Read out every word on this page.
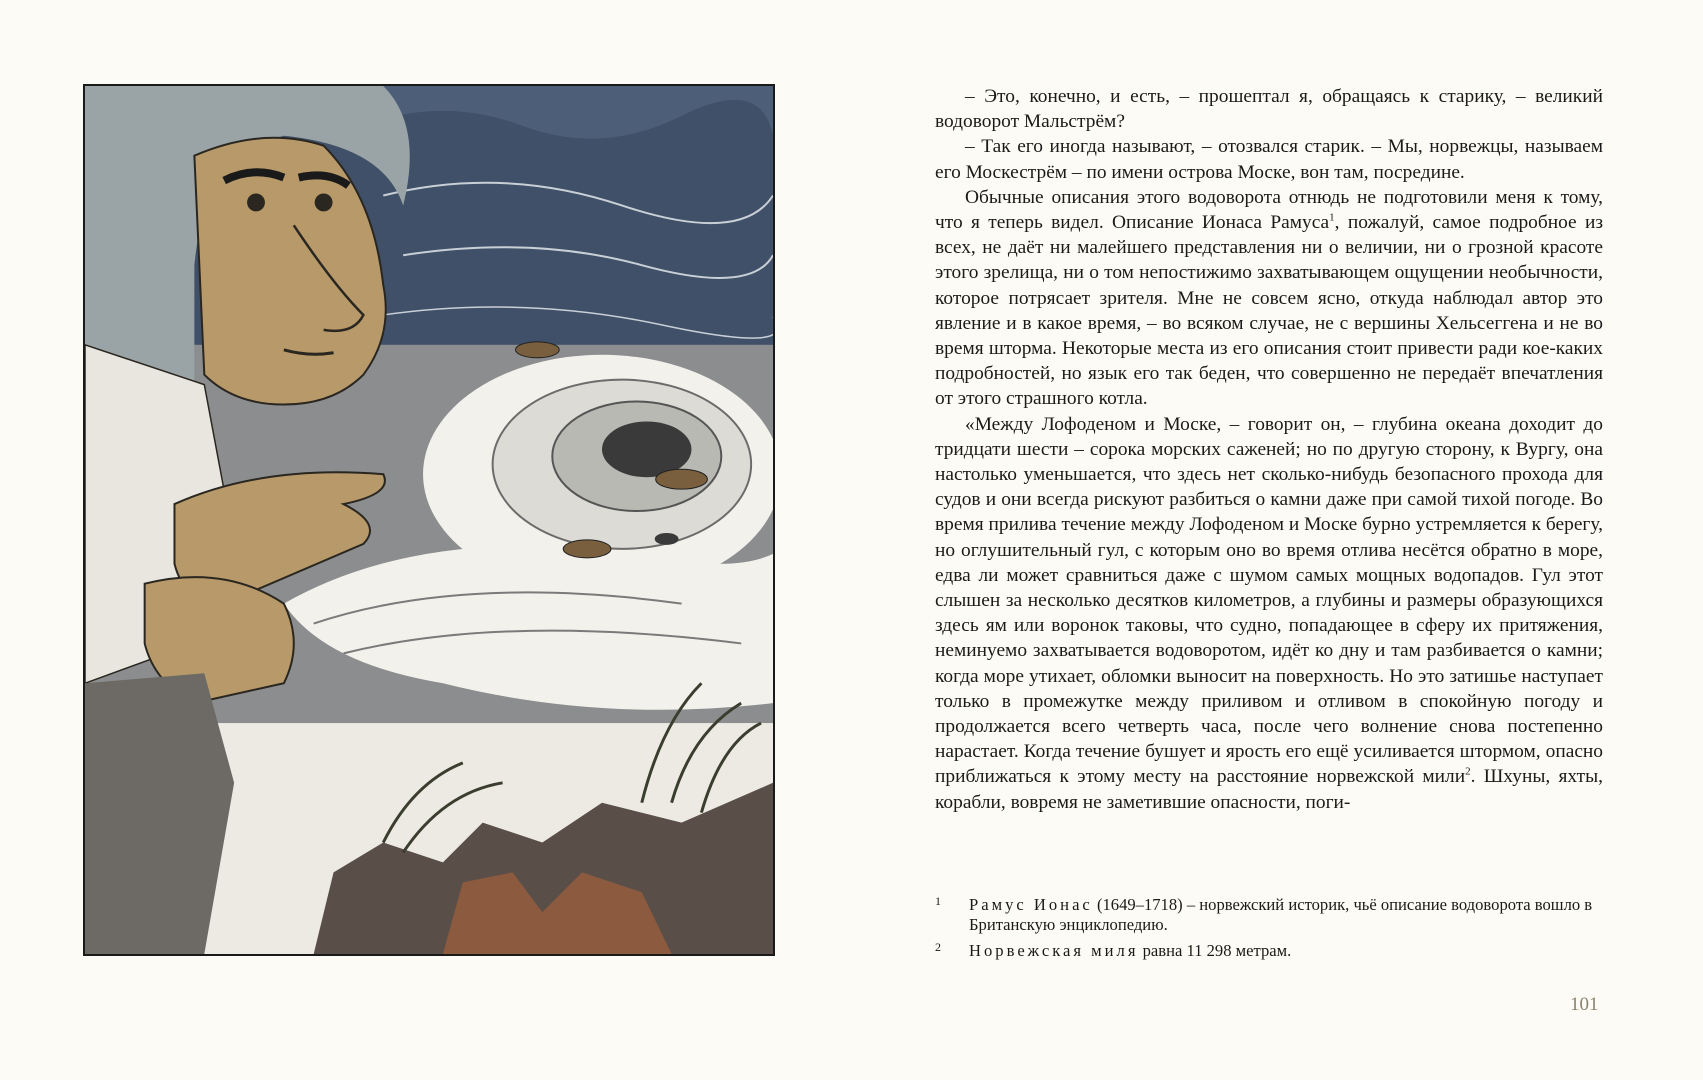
– Это, конечно, и есть, – прошептал я, обращаясь к старику, – великий водоворот Мальстрём?

– Так его иногда называют, – отозвался старик. – Мы, норвежцы, называем его Москестрём – по имени острова Моске, вон там, посредине.

Обычные описания этого водоворота отнюдь не подготовили меня к тому, что я теперь видел. Описание Ионаса Рамуса$^1$, пожалуй, самое подробное из всех, не даёт ни малейшего представления ни о величии, ни о грозной красоте этого зрелища, ни о том непостижимо захватывающем ощущении необычности, которое потрясает зрителя. Мне не совсем ясно, откуда наблюдал автор это явление и в какое время, – во всяком случае, не с вершины Хельсеггена и не во время шторма. Некоторые места из его описания стоит привести ради кое-каких подробностей, но язык его так беден, что совершенно не передаёт впечатления от этого страшного котла.

«Между Лофоденом и Моске, – говорит он, – глубина океана доходит до тридцати шести – сорока морских саженей; но по другую сторону, к Вургу, она настолько уменьшается, что здесь нет сколько-нибудь безопасного прохода для судов и они всегда рискуют разбиться о камни даже при самой тихой погоде. Во время прилива течение между Лофоденом и Моске бурно устремляется к берегу, но оглушительный гул, с которым оно во время отлива несётся обратно в море, едва ли может сравниться даже с шумом самых мощных водопадов. Гул этот слышен за несколько десятков километров, а глубины и размеры образующихся здесь ям или воронок таковы, что судно, попадающее в сферу их притяжения, неминуемо захватывается водоворотом, идёт ко дну и там разбивается о камни; когда море утихает, обломки выносит на поверхность. Но это затишье наступает только в промежутке между приливом и отливом в спокойную погоду и продолжается всего четверть часа, после чего волнение снова постепенно нарастает. Когда течение бушует и ярость его ещё усиливается штормом, опасно приближаться к этому месту на расстояние норвежской мили$^2$. Шхуны, яхты, корабли, вовремя не заметившие опасности, поги-

1	Рамус Ионас (1649–1718) – норвежский историк, чьё описание водоворота вошло в Британскую энциклопедию.
2	Норвежская миля равна 11 298 метрам.
101
